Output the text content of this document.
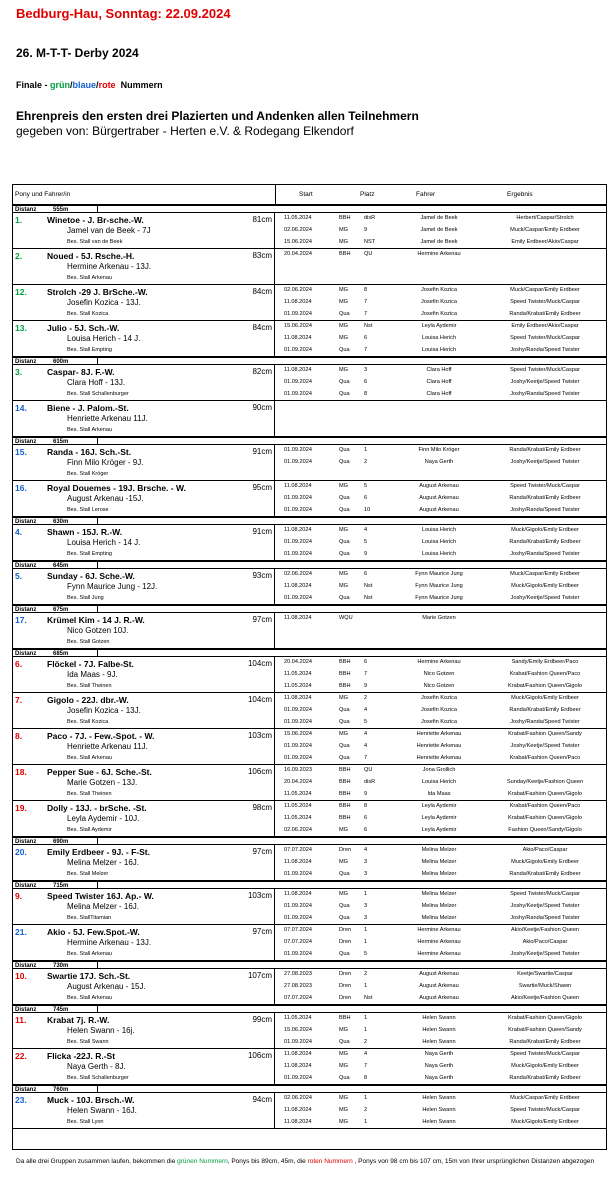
Bedburg-Hau, Sonntag: 22.09.2024
26. M-T-T- Derby 2024
Finale - grün/blaue/rote Nummern
Ehrenpreis den ersten drei Plazierten und Andenken allen Teilnehmern
gegeben von: Bürgertraber - Herten e.V. & Rodegang Elkendorf
Pony und Fahrer/in	Start	Platz	Fahrer	Ergebnis
Distanz	555m
1.	Winetoe - J. Br-sche.-W.	81cm
Jamel van de Beek - 7J
Bes. Stall van de Beek
11.05.2024	BBH disR	Jamel de Beek	Herbert/Caspar/Strolch
02.06.2024	MG	9	Jamel de Beek	Muck/Caspar/Emily Erdbeer
15.06.2024	MG	NST	Jamel de Beek	Emily Erdbeer/Akio/Caspar
2.	Noued - 5J. Rsche.-H.	83cm
Hermine Arkenau - 13J.
Bes. Stall Arkenau
20.04.2024	BBH QU	Hermine Arkenau
12. Strolch -29 J. BrSche.-W.	84cm
Josefin Kozica - 13J.
Bes. Stall Kozica
02.06.2024	MG	8	Josefin Kozica	Muck/Caspar/Emily Erdbeer
11.08.2024	MG	7	Josefin Kozica	Speed Twister/Muck/Caspar
01.09.2024	Qua	7	Josefin Kozica	Randa/Krabat/Emily Erdbeer
13. Julio - 5J. Sch.-W.	84cm
Louisa Herich - 14 J.
Bes. Stall Empting
15.06.2024	MG	Nst	Leyla Aydemir	Emily Erdbeer/Akio/Caspar
11.08.2024	MG	6	Louisa Herich	Speed Twister/Muck/Caspar
01.09.2024	Qua	7	Louisa Herich	Joshy/Randa/Speed Twister
Distanz	600m
3.	Caspar- 8J. F.-W.	82cm
Clara Hoff - 13J.
Bes. Stall Schallenburger
11.08.2024	MG	3	Clara Hoff	Speed Twister/Muck/Caspar
01.09.2024	Qua	6	Clara Hoff	Joshy/Keetje/Speed Twister
01.09.2024	Qua	8	Clara Hoff	Joshy/Randa/Speed Twister
14. Biene - J. Palom.-St.	90cm
Henriette Arkenau 11J.
Bes. Stall Arkenau
Distanz	615m
15. Randa - 16J. Sch.-St.	91cm
Finn Milo Kröger - 9J.
Bes. Stall Kröger
01.09.2024	Qua	1	Finn Milo Kröger	Randa/Krabat/Emily Erdbeer
01.09.2024	Qua	2	Naya Gerth	Joshy/Keetje/Speed Twister
16. Royal Douemes - 19J. Brsche. - W.	95cm
August Arkenau -15J.
Bes. Stall Lerose
11.08.2024	MG	5	August Arkenau	Speed Twister/Muck/Caspar
01.09.2024	Qua	6	August Arkenau	Randa/Krabat/Emily Erdbeer
01.09.2024	Qua	10	August Arkenau	Joshy/Randa/Speed Twister
Distanz	630m
4.	Shawn - 15J. R.-W.	91cm
Louisa Herich - 14 J.
Bes. Stall Empting
11.08.2024	MG	4	Louisa Herich	Muck/Gigolo/Emily Erdbeer
01.09.2024	Qua	5	Louisa Herich	Randa/Krabat/Emily Erdbeer
01.09.2024	Qua	9	Louisa Herich	Joshy/Randa/Speed Twister
Distanz	645m
5.	Sunday - 6J. Sche.-W.	93cm
Fynn Maurice Jung - 12J.
Bes. Stall Jung
02.06.2024	MG	6	Fynn Maurice Jung	Muck/Caspar/Emily Erdbeer
11.08.2024	MG	Nst	Fynn Maurice Jung	Muck/Gigolo/Emily Erdbeer
01.09.2024	Qua	Nst	Fynn Maurice Jung	Joshy/Keetje/Speed Twister
Distanz	675m
17. Krümel Kim - 14 J. R.-W.	97cm
Nico Gotzen 10J.
Bes. Stall Gotzen
11.08.2024	WQU	Marie Gotzen
Distanz	685m
6.	Flöckel - 7J. Falbe-St.	104cm
Ida Maas - 9J.
Bes. Stall Theinen
20.04.2024	BBH 6	Hermine Arkenau	Sandy/Emily Erdbeer/Paco
11.05.2024	BBH 7	Nico Gotzen	Krabat/Fashion Queen/Paco
11.05.2024	BBH 9	Nico Gotzen	Krabat/Fashion Queen/Gigolo
7.	Gigolo - 22J. dbr.-W.	104cm
Josefin Kozica - 13J.
Bes. Stall Kozica
11.08.2024	MG	2	Josefin Kozica	Muck/Gigolo/Emily Erdbeer
01.09.2024	Qua	4	Josefin Kozica	Randa/Krabat/Emily Erdbeer
01.09.2024	Qua	5	Josefin Kozica	Joshy/Randa/Speed Twister
8.	Paco - 7J. - Few.-Spot. - W.	103cm
Henriette Arkenau 11J.
Bes. Stall Arkenau
15.06.2024	MG	4	Henriette Arkenau	Krabat/Fashion Queen/Sandy
01.09.2024	Qua	4	Henriette Arkenau	Joshy/Keetje/Speed Twister
01.09.2024	Qua	7	Henriette Arkenau	Krabat/Fashion Queen/Paco
18. Pepper Sue - 6J. Sche.-St.	106cm
Marie Gotzen - 13J.
Bes. Stall Theinen
16.09.2023	BBH QU	Jona Grollich
20.04.2024	BBH disR	Louisa Herich	Sunday/Keetje/Fashion Queen
11.05.2024	BBH 9	Ida Maas	Krabat/Fashion Queen/Gigolo
19. Dolly - 13J. - brSche. -St.	98cm
Leyla Aydemir - 10J.
Bes. Stall Aydemir
11.05.2024	BBH 8	Leyla Aydemir	Krabat/Fashion Queen/Paco
11.05.2024	BBH 6	Leyla Aydemir	Krabat/Fashion Queen/Gigolo
02.06.2024	MG	6	Leyla Aydemir	Fashion Queen/Sandy/Gigolo
Distanz	690m
20. Emily Erdbeer - 9J. - F-St.	97cm
Melina Melzer - 16J.
Bes. Stall Melzer
07.07.2024	Dren 4	Melina Melzer	Akio/Paco/Caspar
11.08.2024	MG	3	Melina Melzer	Muck/Gigolo/Emily Erdbeer
01.09.2024	Qua	3	Melina Melzer	Randa/Krabat/Emily Erdbeer
Distanz	715m
9.	Speed Twister 16J. Ap.- W.	103cm
Melina Melzer - 16J.
Bes. StallTitamian
11.08.2024	MG	1	Melina Melzer	Speed Twister/Muck/Caspar
01.09.2024	Qua	3	Melina Melzer	Joshy/Keetje/Speed Twister
01.09.2024	Qua	3	Melina Melzer	Joshy/Randa/Speed Twister
21. Akio - 5J. Few.Spot.-W.	97cm
Hermine Arkenau - 13J.
Bes. Stall Arkenau
07.07.2024	Dren 1	Hermine Arkenau	Akio/Keetje/Fashion Queen
07.07.2024	Dren 1	Hermine Arkenau	Akio/Paco/Caspar
01.09.2024	Qua	5	Hermine Arkenau	Joshy/Keetje/Speed Twister
Distanz	730m
10. Swartie 17J. Sch.-St.	107cm
August Arkenau - 15J.
Bes. Stall Arkenau
27.08.2023	Dren 2	August Arkenau	Keetje/Swartie/Caspar
27.08.2023	Dren 1	August Arkenau	Swartie/Muck/Shawn
07.07.2024	Dren Nst	August Arkenau	Akio/Keetje/Fashion Queen
Distanz	745m
11. Krabat 7j. R.-W.	99cm
Helen Swann - 16j.
Bes. Stall Swann
11.05.2024	BBH 1	Helen Swann	Krabat/Fashion Queen/Gigolo
15.06.2024	MG	1	Helen Swann	Krabat/Fashion Queen/Sandy
01.09.2024	Qua	2	Helen Swann	Randa/Krabat/Emily Erdbeer
22. Flicka -22J. R.-St	106cm
Naya Gerth - 8J.
Bes. Stall Schallenburger
11.08.2024	MG	4	Naya Gerth	Speed Twister/Muck/Caspar
11.08.2024	MG	7	Naya Gerth	Muck/Gigolo/Emily Erdbeer
01.09.2024	Qua	8	Naya Gerth	Randa/Krabat/Emily Erdbeer
Distanz	760m
23. Muck - 10J. Brsch.-W.	94cm
Helen Swann - 16J.
Bes. Stall Lyon
02.06.2024	MG	1	Helen Swann	Muck/Caspar/Emily Erdbeer
11.08.2024	MG	2	Helen Swann	Speed Twister/Muck/Caspar
11.08.2024	MG	1	Helen Swann	Muck/Gigolo/Emily Erdbeer
Da alle drei Gruppen zusammen laufen, bekommen die grünen Nummern, Ponys bis 89cm, 45m, die roten Nummern , Ponys von 98 cm bis 107 cm, 15m von Ihrer ursprünglichen Distanzen abgezogen
